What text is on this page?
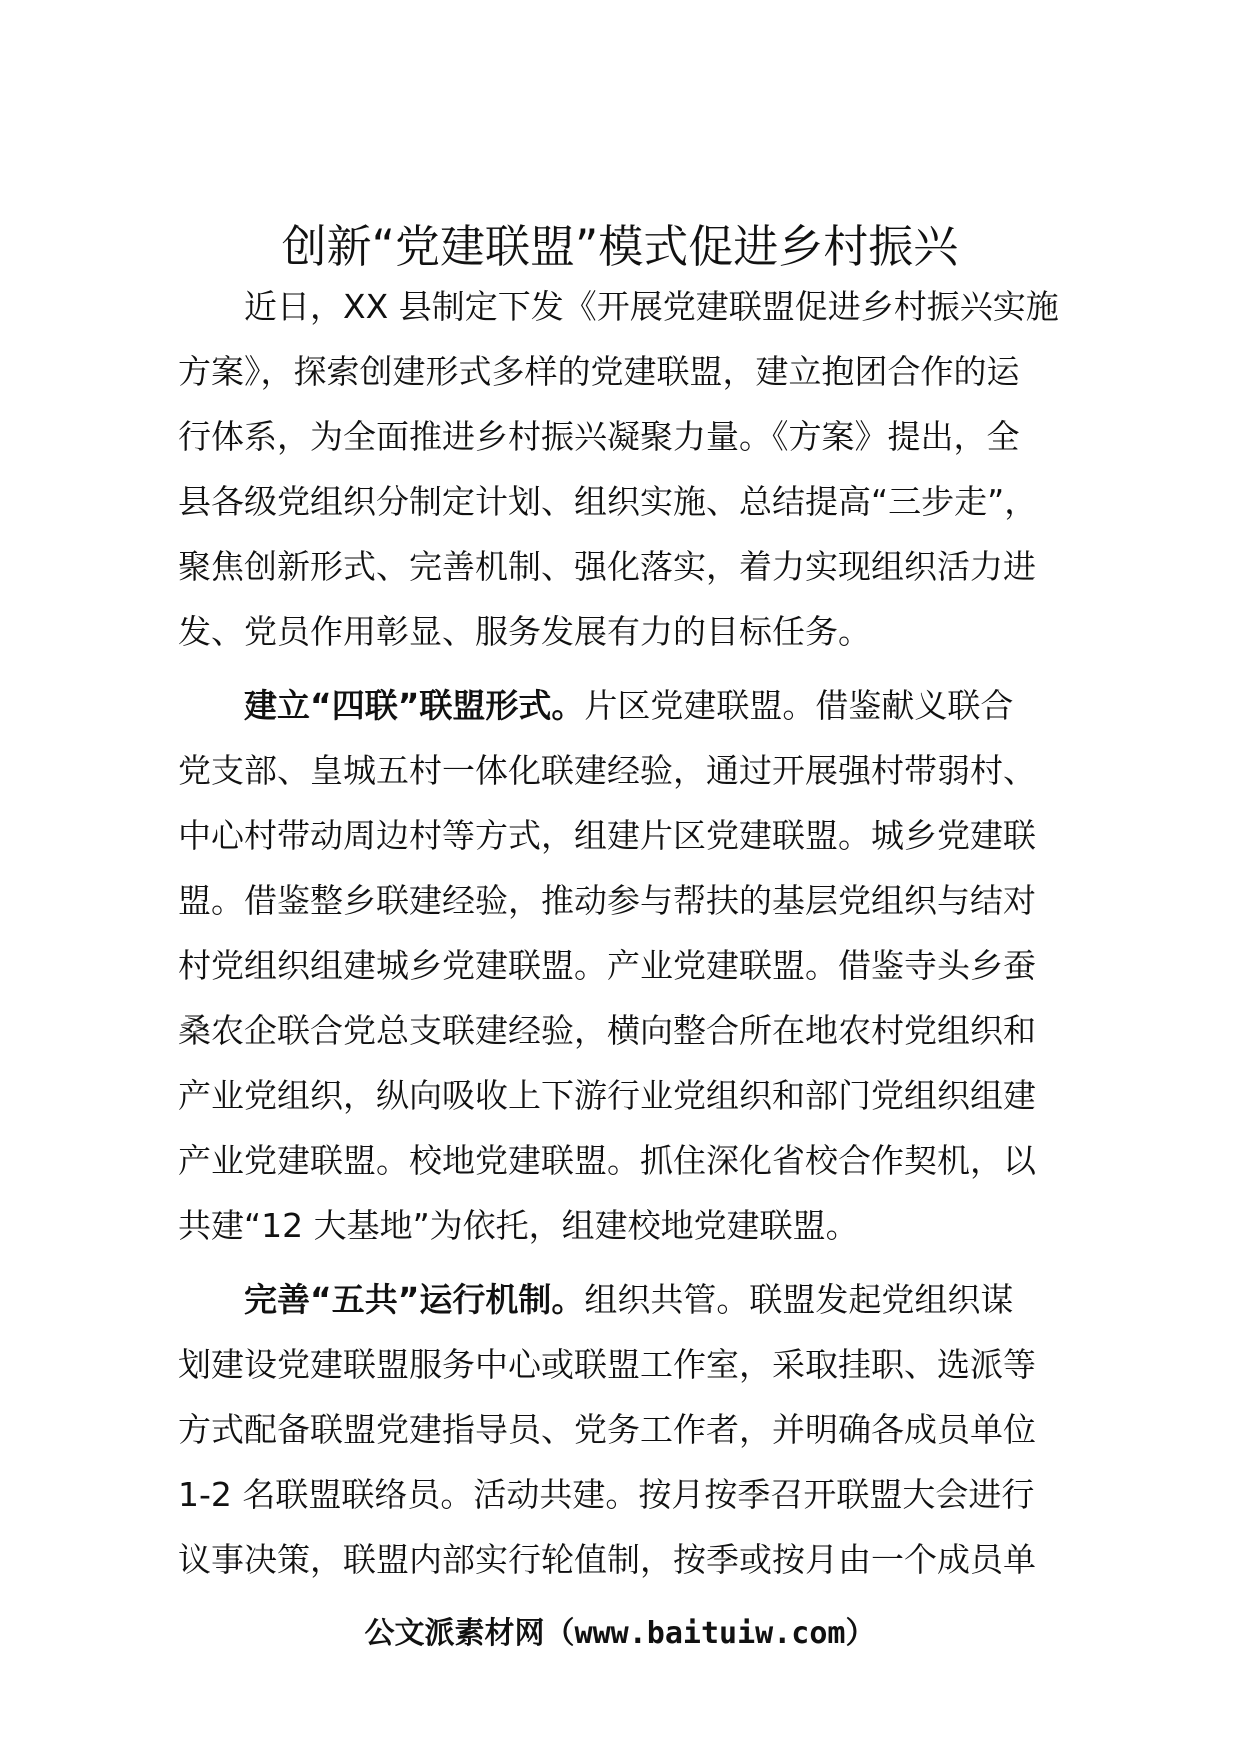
创新“党建联盟”模式促进乡村振兴
近日，XX 县制定下发《开展党建联盟促进乡村振兴实施
方案》，探索创建形式多样的党建联盟，建立抱团合作的运
行体系，为全面推进乡村振兴凝聚力量。《方案》提出，全
县各级党组织分制定计划、组织实施、总结提高“三步走”，
聚焦创新形式、完善机制、强化落实，着力实现组织活力进
发、党员作用彰显、服务发展有力的目标任务。
建立“四联”联盟形式。片区党建联盟。借鉴献义联合
党支部、皇城五村一体化联建经验，通过开展强村带弱村、
中心村带动周边村等方式，组建片区党建联盟。城乡党建联
盟。借鉴整乡联建经验，推动参与帮扶的基层党组织与结对
村党组织组建城乡党建联盟。产业党建联盟。借鉴寺头乡蚕
桑农企联合党总支联建经验，横向整合所在地农村党组织和
产业党组织，纵向吸收上下游行业党组织和部门党组织组建
产业党建联盟。校地党建联盟。抓住深化省校合作契机，以
共建“12 大基地”为依托，组建校地党建联盟。
完善“五共”运行机制。组织共管。联盟发起党组织谋
划建设党建联盟服务中心或联盟工作室，采取挂职、选派等
方式配备联盟党建指导员、党务工作者，并明确各成员单位
1-2 名联盟联络员。活动共建。按月按季召开联盟大会进行
议事决策，联盟内部实行轮值制，按季或按月由一个成员单
公文派素材网（www.baituiw.com）
